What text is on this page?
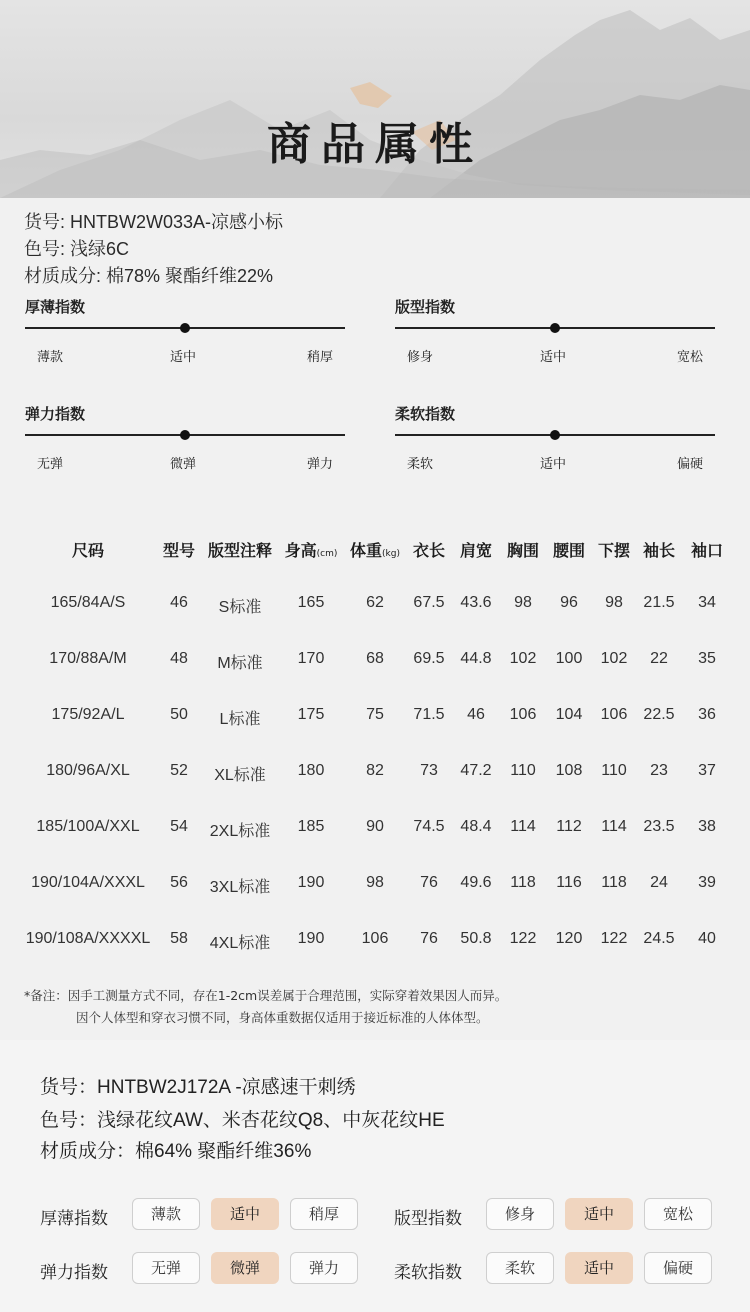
商品属性
货号: HNTBW2W033A-凉感小标
色号: 浅绿6C
材质成分: 棉78% 聚酯纤维22%
厚薄指数
薄款	适中	稍厚
版型指数
修身	适中	宽松
弹力指数
无弹	微弹	弹力
柔软指数
柔软	适中	偏硬
尺码	型号 版型注释 身高(cm) 体重(kg) 衣长 肩宽 胸围 腰围 下摆 袖长 袖口
165/84A/S	46	S标准	165	62	67.5 43.6	98	96	98	21.5	34
170/88A/M	48	M标准	170	68	69.5 44.8	102	100	102	22	35
175/92A/L	50	L标准	175	75	71.5	46	106	104	106	22.5	36
180/96A/XL	52	XL标准	180	82	73	47.2	110	108	110	23	37
185/100A/XXL	54	2XL标准	185	90	74.5 48.4	114	112	114	23.5	38
190/104A/XXXL	56	3XL标准	190	98	76	49.6	118	116	118	24	39
190/108A/XXXXL	58	4XL标准	190	106	76	50.8	122	120	122	24.5	40
*备注：因手工测量方式不同，存在1-2cm误差属于合理范围，实际穿着效果因人而异。
因个人体型和穿衣习惯不同，身高体重数据仅适用于接近标准的人体体型。
货号：HNTBW2J172A -凉感速干刺绣
色号：浅绿花纹AW、米杏花纹Q8、中灰花纹HE
材质成分：棉64% 聚酯纤维36%
厚薄指数	薄款	适中	稍厚	版型指数	修身	适中	宽松
弹力指数	无弹	微弹	弹力	柔软指数	柔软	适中	偏硬
